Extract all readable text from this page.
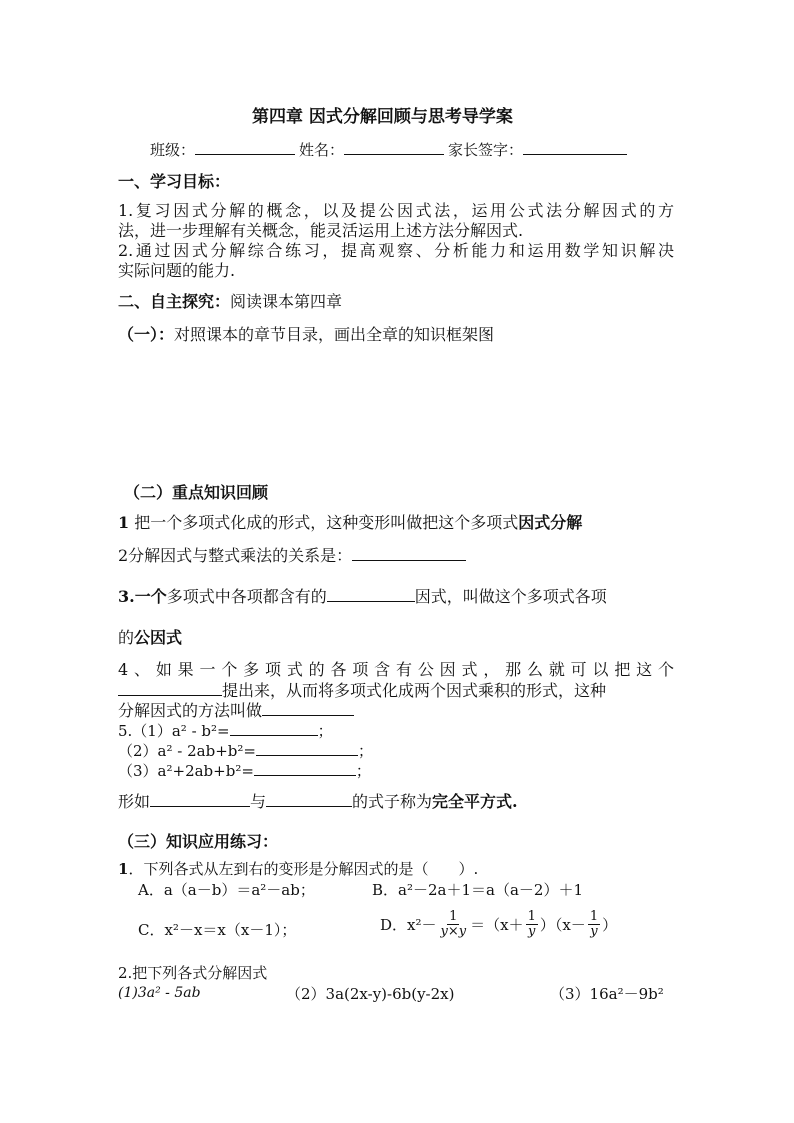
第四章 因式分解回顾与思考导学案
班级：	姓名：	家长签字：
一、学习目标：
1.复习因式分解的概念，以及提公因式法，运用公式法分解因式的方
法，进一步理解有关概念，能灵活运用上述方法分解因式.
2.通过因式分解综合练习，提高观察、分析能力和运用数学知识解决
实际问题的能力.
二、自主探究：阅读课本第四章
（一）：对照课本的章节目录，画出全章的知识框架图
（二）重点知识回顾
1 把一个多项式化成的形式，这种变形叫做把这个多项式因式分解
2分解因式与整式乘法的关系是：
3.一个多项式中各项都含有的	因式，叫做这个多项式各项
的公因式
4、如果一个多项式的各项含有公因式，那么就可以把这个
提出来，从而将多项式化成两个因式乘积的形式，这种
分解因式的方法叫做
5.（1）a² - b²=	；
（2）a² - 2ab+b²=	；
（3）a²+2ab+b²=	；
形如	与	的式子称为完全平方式.
（三）知识应用练习：
1．下列各式从左到右的变形是分解因式的是（　　）.
A．a（a－b）＝a²－ab；	B．a²－2a＋1＝a（a－2）＋1
C．x²－x＝x（x－1）；	D．$x^2- \frac{1}{y\times y} =(x+ \frac{1}{y} )(x- \frac{1}{y}$ ）
2.把下列各式分解因式
(1)3a² - 5ab	（2）3a(2x-y)-6b(y-2x)	（3）16a²－9b²
